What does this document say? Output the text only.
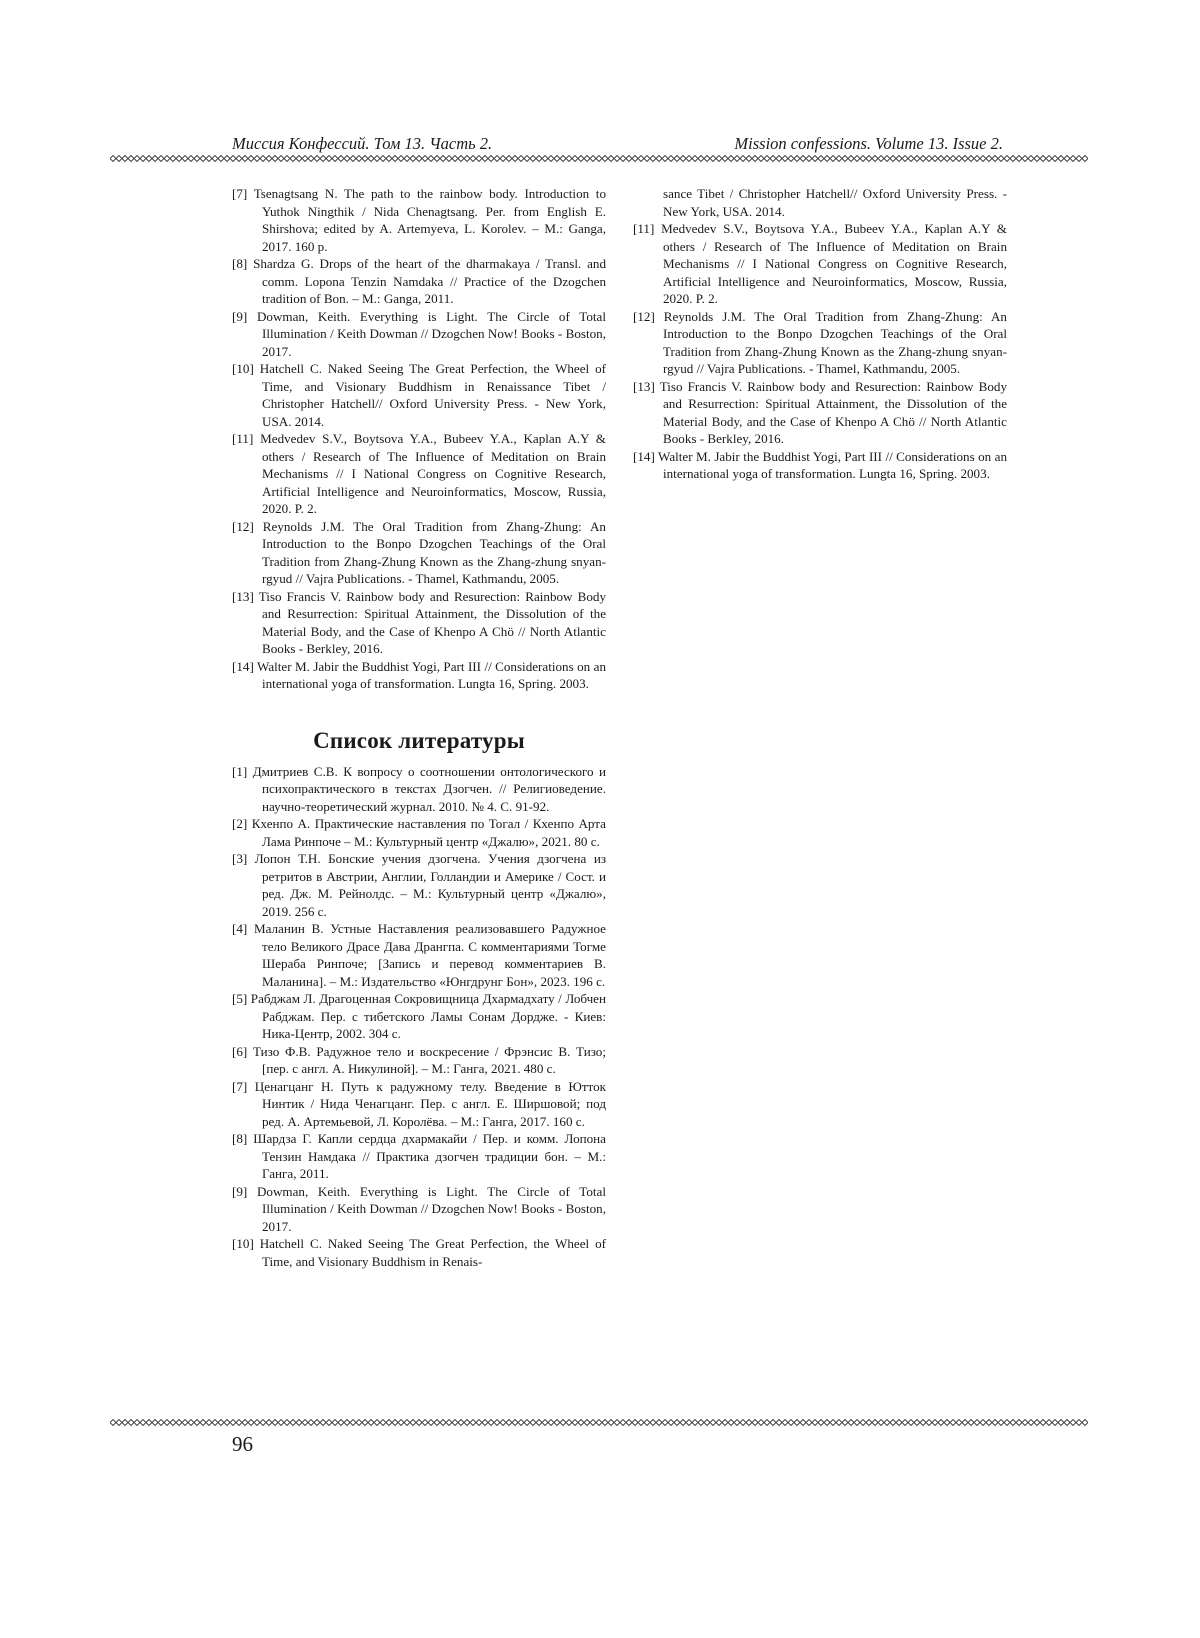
Миссия Конфессий. Том 13. Часть 2.	Mission confessions. Volume 13. Issue 2.

[7] Tsenagtsang N. The path to the rainbow body. Introduction to Yuthok Ningthik / Nida Chenagtsang. Per. from English E. Shirshova; edited by A. Artemyeva, L. Korolev. – M.: Ganga, 2017. 160 p.

[8] Shardza G. Drops of the heart of the dharmakaya / Transl. and comm. Lopona Tenzin Namdaka // Practice of the Dzogchen tradition of Bon. – M.: Ganga, 2011.

[9] Dowman, Keith. Everything is Light. The Circle of Total Illumination / Keith Dowman // Dzogchen Now! Books - Boston, 2017.

[10] Hatchell C. Naked Seeing The Great Perfection, the Wheel of Time, and Visionary Buddhism in Renaissance Tibet / Christopher Hatchell// Oxford University Press. - New York, USA. 2014.

[11] Medvedev S.V., Boytsova Y.A., Bubeev Y.A., Kaplan A.Y & others / Research of The Influence of Meditation on Brain Mechanisms // I National Congress on Cognitive Research, Artificial Intelligence and Neuroinformatics, Moscow, Russia, 2020. P. 2.

[12] Reynolds J.M. The Oral Tradition from Zhang-Zhung: An Introduction to the Bonpo Dzogchen Teachings of the Oral Tradition from Zhang-Zhung Known as the Zhang-zhung snyan-rgyud // Vajra Publications. - Thamel, Kathmandu, 2005.

[13] Tiso Francis V. Rainbow body and Resurection: Rainbow Body and Resurrection: Spiritual Attainment, the Dissolution of the Material Body, and the Case of Khenpo A Chö // North Atlantic Books - Berkley, 2016.

[14] Walter M. Jabir the Buddhist Yogi, Part III // Considerations on an international yoga of transformation. Lungta 16, Spring. 2003.

Список литературы

[1] Дмитриев С.В. К вопросу о соотношении онтологического и психопрактического в текстах Дзогчен. // Религиоведение. научно-теоретический журнал. 2010. № 4. С. 91-92.

[2] Кхенпо А. Практические наставления по Тогал / Кхенпо Арта Лама Ринпоче – М.: Культурный центр «Джалю», 2021. 80 с.

[3] Лопон Т.Н. Бонские учения дзогчена. Учения дзогчена из ретритов в Австрии, Англии, Голландии и Америке / Сост. и ред. Дж. М. Рейнолдс. – М.: Культурный центр «Джалю», 2019. 256 с.

[4] Маланин В. Устные Наставления реализовавшего Радужное тело Великого Драсе Дава Дрангпа. С комментариями Тогме Шераба Ринпоче; [Запись и перевод комментариев В. Маланина]. – М.: Издательство «Юнгдрунг Бон», 2023. 196 с.

[5] Рабджам Л. Драгоценная Сокровищница Дхармадхату / Лобчен Рабджам. Пер. с тибетского Ламы Сонам Дордже. - Киев: Ника-Центр, 2002. 304 с.

[6] Тизо Ф.В. Радужное тело и воскресение / Фрэнсис В. Тизо; [пер. с англ. А. Никулиной]. – М.: Ганга, 2021. 480 с.

[7] Ценагцанг Н. Путь к радужному телу. Введение в Ютток Нинтик / Нида Ченагцанг. Пер. с англ. Е. Ширшовой; под ред. А. Артемьевой, Л. Королёва. – М.: Ганга, 2017. 160 с.

[8] Шардза Г. Капли сердца дхармакайи / Пер. и комм. Лопона Тензин Намдака // Практика дзогчен традиции бон. – М.: Ганга, 2011.

[9] Dowman, Keith. Everything is Light. The Circle of Total Illumination / Keith Dowman // Dzogchen Now! Books - Boston, 2017.

[10] Hatchell C. Naked Seeing The Great Perfection, the Wheel of Time, and Visionary Buddhism in Renais-

sance Tibet / Christopher Hatchell// Oxford University Press. - New York, USA. 2014.

[11] Medvedev S.V., Boytsova Y.A., Bubeev Y.A., Kaplan A.Y & others / Research of The Influence of Meditation on Brain Mechanisms // I National Congress on Cognitive Research, Artificial Intelligence and Neuroinformatics, Moscow, Russia, 2020. P. 2.

[12] Reynolds J.M. The Oral Tradition from Zhang-Zhung: An Introduction to the Bonpo Dzogchen Teachings of the Oral Tradition from Zhang-Zhung Known as the Zhang-zhung snyan-rgyud // Vajra Publications. - Thamel, Kathmandu, 2005.

[13] Tiso Francis V. Rainbow body and Resurection: Rainbow Body and Resurrection: Spiritual Attainment, the Dissolution of the Material Body, and the Case of Khenpo A Chö // North Atlantic Books - Berkley, 2016.

[14] Walter M. Jabir the Buddhist Yogi, Part III // Considerations on an international yoga of transformation. Lungta 16, Spring. 2003.

96
